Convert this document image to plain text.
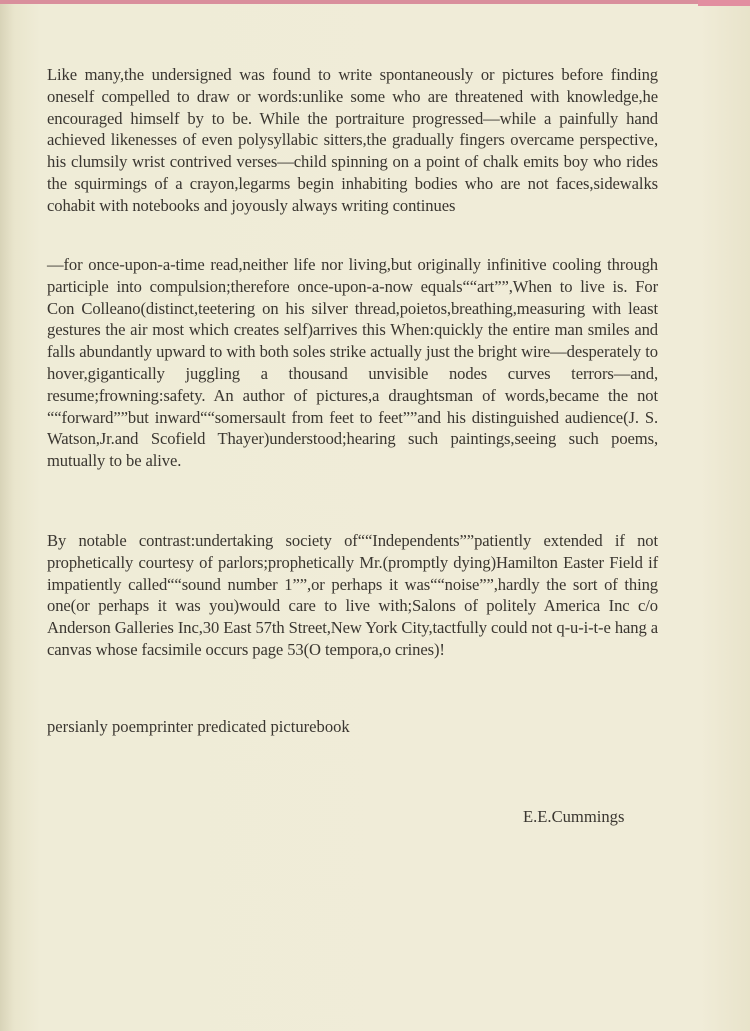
Like many,the undersigned was found to write spontaneously or pictures before finding oneself compelled to draw or words:unlike some who are threatened with knowledge,he encouraged himself by to be. While the portraiture progressed—while a painfully hand achieved likenesses of even polysyllabic sitters,the gradually fingers overcame perspective, his clumsily wrist contrived verses—child spinning on a point of chalk emits boy who rides the squirmings of a crayon,legarms begin inhabiting bodies who are not faces,sidewalks cohabit with notebooks and joyously always writing continues
—for once-upon-a-time read,neither life nor living,but originally infinitive cooling through participle into compulsion;therefore once-upon-a-now equals““art””,When to live is. For Con Colleano(distinct,teetering on his silver thread,poietos,breathing,measuring with least gestures the air most which creates self)arrives this When:quickly the entire man smiles and falls abundantly upward to with both soles strike actually just the bright wire—desperately to hover,gigantically juggling a thousand unvisible nodes curves terrors—and, resume;frowning:safety. An author of pictures,a draughtsman of words,became the not ““forward””but inward““somersault from feet to feet””and his distinguished audience(J. S. Watson,Jr.and Scofield Thayer)understood;hearing such paintings,seeing such poems, mutually to be alive.
By notable contrast:undertaking society of““Independents””patiently extended if not prophetically courtesy of parlors;prophetically Mr.(promptly dying)Hamilton Easter Field if impatiently called““sound number 1””,or perhaps it was““noise””,hardly the sort of thing one(or perhaps it was you)would care to live with;Salons of politely America Inc c/o Anderson Galleries Inc,30 East 57th Street,New York City,tactfully could not q-u-i-t-e hang a canvas whose facsimile occurs page 53(O tempora,o crines)!
persianly poemprinter predicated picturebook
E.E.Cummings
